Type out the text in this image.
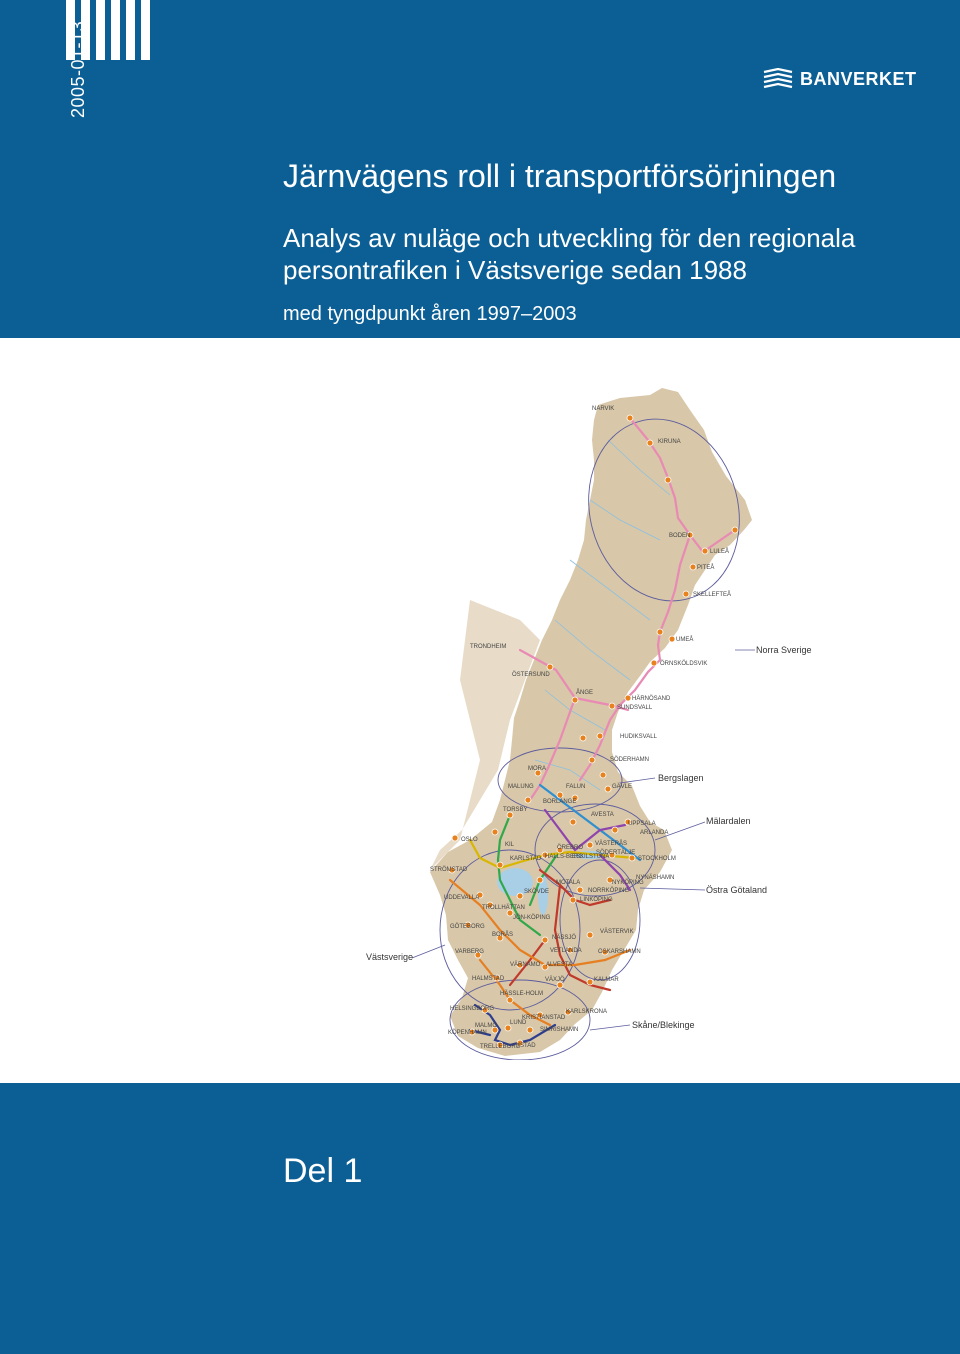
2005-01-13	BANVERKET
Järnvägens roll i transportförsörjningen
Analys av nuläge och utveckling för den regionala
persontrafiken i Västsverige sedan 1988
med tyngdpunkt åren 1997–2003
NARVIK
KIRUNA
BODEN
LULEÅ
PITEÅ
SKELLEFTEÅ
UMEÅ
TRONDHEIM
ÖRNSKÖLDSVIK
ÖSTERSUND
ÅNGE
HÄRNÖSAND
SUNDSVALL
HUDIKSVALL
SÖDERHAMN
MORA
MALUNG	FALUN	GÄVLE
BORLÄNGE
TORSBY
AVESTA
UPPSALA
ARLANDA
OSLO
KIL	ÖREBRO
VÄSTERÅS
KARLSTAD HALLS-BERG
ESKILSTUNA
SÖDERTÄLJE
STOCKHOLM
STRÖMSTAD
NYNÄSHAMN
MOTALA	NYKÖPING
NORRKÖPING
UDDEVALLA
SKÖVDE
LINKÖPING
TROLLHÄTTAN
JÖN-KÖPING
GÖTEBORG
BORÅS	NÄSSJÖ
VÄSTERVIK
VARBERG	VETLANDA	OSKARSHAMN
VÄRNAMO ALVESTA
HALMSTAD	VÄXJÖ	KALMAR
HÄSSLE-HOLM
HELSINGBORG	KARLSKRONA
KRISTIANSTAD
MALMÖ LUND
KÖPENHAMN	SIMRISHAMN
TRELLEBORG
YSTAD
Norra Sverige
Bergslagen
Mälardalen
Östra Götaland
Västsverige
Skåne/Blekinge
Del 1
